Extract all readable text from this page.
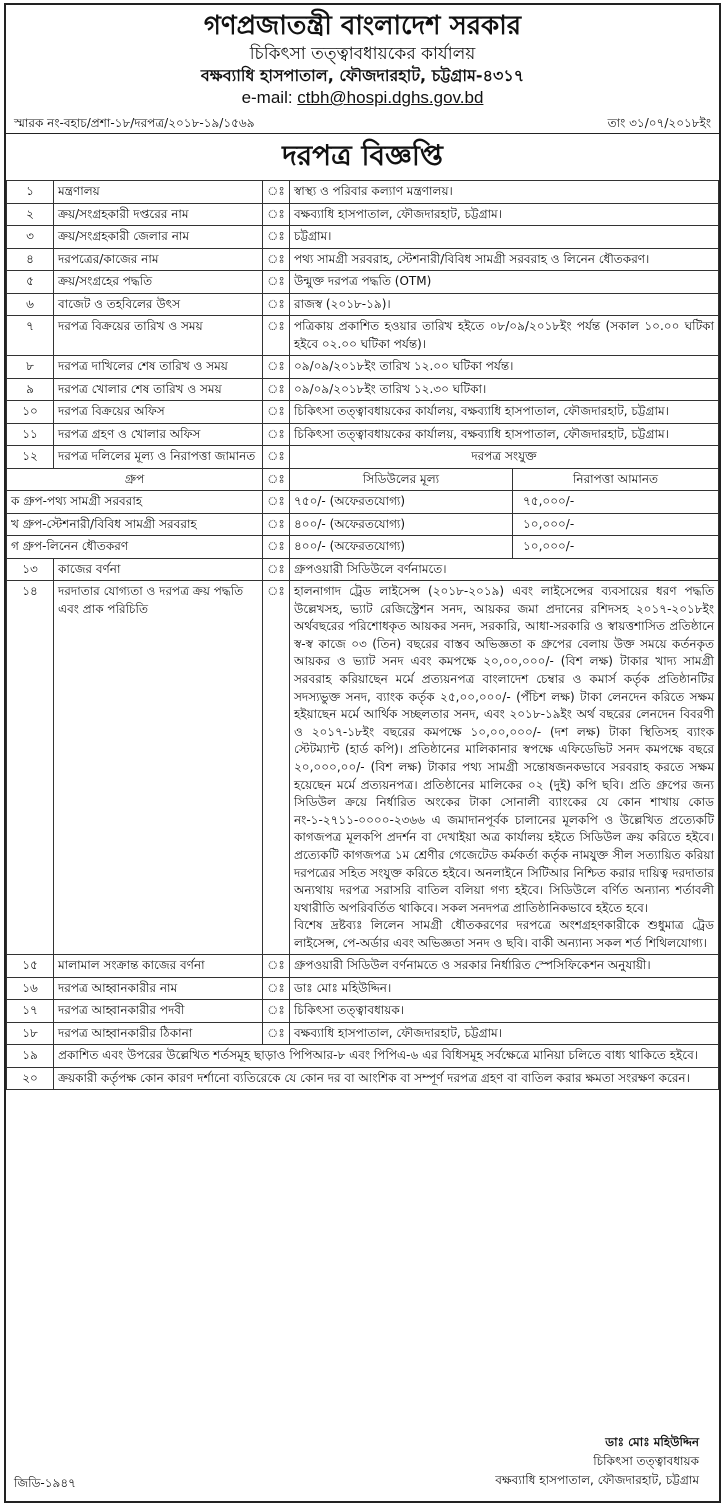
গণপ্রজাতন্ত্রী বাংলাদেশ সরকার
চিকিৎসা তত্ত্বাবধায়কের কার্যালয়
বক্ষব্যাধি হাসপাতাল, ফৌজদারহাট, চট্টগ্রাম-৪৩১৭
e-mail: ctbh@hospi.dghs.gov.bd
স্মারক নং-বহাচ/প্রশা-১৮/দরপত্র/২০১৮-১৯/১৫৬৯	তাং ৩১/০৭/২০১৮ইং
দরপত্র বিজ্ঞপ্তি
১	মন্ত্রণালয়	ঃ	স্বাস্থ্য ও পরিবার কল্যাণ মন্ত্রণালয়।
২	ক্রয়/সংগ্রহকারী দপ্তরের নাম	ঃ	বক্ষব্যাধি হাসপাতাল, ফৌজদারহাট, চট্টগ্রাম।
৩	ক্রয়/সংগ্রহকারী জেলার নাম	ঃ	চট্টগ্রাম।
৪	দরপত্রের/কাজের নাম	ঃ	পথ্য সামগ্রী সরবরাহ, স্টেশনারী/বিবিধ সামগ্রী সরবরাহ ও লিনেন ধৌতকরণ।
৫	ক্রয়/সংগ্রহের পদ্ধতি	ঃ	উন্মুক্ত দরপত্র পদ্ধতি (OTM)
৬	বাজেট ও তহবিলের উৎস	ঃ	রাজস্ব (২০১৮-১৯)।
৭	দরপত্র বিক্রয়ের তারিখ ও সময়	ঃ	পত্রিকায় প্রকাশিত হওয়ার তারিখ হইতে ০৮/০৯/২০১৮ইং পর্যন্ত (সকাল ১০.০০ ঘটিকা হইবে ০২.০০ ঘটিকা পর্যন্ত)।
৮	দরপত্র দাখিলের শেষ তারিখ ও সময়	ঃ	০৯/০৯/২০১৮ইং তারিখ ১২.০০ ঘটিকা পর্যন্ত।
৯	দরপত্র খোলার শেষ তারিখ ও সময়	ঃ	০৯/০৯/২০১৮ইং তারিখ ১২.৩০ ঘটিকা।
১০	দরপত্র বিক্রয়ের অফিস	ঃ	চিকিৎসা তত্ত্বাবধায়কের কার্যালয়, বক্ষব্যাধি হাসপাতাল, ফৌজদারহাট, চট্টগ্রাম।
১১	দরপত্র গ্রহণ ও খোলার অফিস	ঃ	চিকিৎসা তত্ত্বাবধায়কের কার্যালয়, বক্ষব্যাধি হাসপাতাল, ফৌজদারহাট, চট্টগ্রাম।
১২	দরপত্র দলিলের মূল্য ও নিরাপত্তা জামানত	ঃ	দরপত্র সংযুক্ত
গ্রুপ	ঃ		সিডিউলের মূল্য	নিরাপত্তা আমানত

ক গ্রুপ-পথ্য সামগ্রী সরবরাহ	ঃ	৭৫০/- (অফেরতযোগ্য)	৭৫,০০০/-

খ গ্রুপ-স্টেশনারী/বিবিধ সামগ্রী সরবরাহ	ঃ	৪০০/- (অফেরতযোগ্য)	১০,০০০/-

গ গ্রুপ-লিনেন ধৌতকরণ	ঃ	৪০০/- (অফেরতযোগ্য)	১০,০০০/-

১৩	কাজের বর্ণনা	ঃ	গ্রুপওয়ারী সিডিউলে বর্ণনামতে।
১৪	দরদাতার যোগ্যতা ও দরপত্র ক্রয় পদ্ধতি এবং প্রাক পরিচিতি	ঃ	হালনাগাদ ট্রেড লাইসেন্স (২০১৮-২০১৯) এবং লাইসেন্সের ব্যবসায়ের ধরণ পদ্ধতি উল্লেখসহ, ভ্যাট রেজিস্ট্রেশন সনদ, আয়কর জমা প্রদানের রশিদসহ ২০১৭-২০১৮ইং অর্থবছরের পরিশোধকৃত আয়কর সনদ, সরকারি, আধা-সরকারি ও স্বায়ত্তশাসিত প্রতিষ্ঠানে স্ব-স্ব কাজে ০৩ (তিন) বছরের বাস্তব অভিজ্ঞতা ক গ্রুপের বেলায় উক্ত সময়ে কর্তনকৃত আয়কর ও ভ্যাট সনদ এবং কমপক্ষে ২০,০০,০০০/- (বিশ লক্ষ) টাকার খাদ্য সামগ্রী সরবরাহ করিয়াছেন মর্মে প্রত্যয়নপত্র বাংলাদেশ চেম্বার ও কমার্স কর্তৃক প্রতিষ্ঠানটির সদস্যভুক্ত সনদ, ব্যাংক কর্তৃক ২৫,০০,০০০/- (পঁচিশ লক্ষ) টাকা লেনদেন করিতে সক্ষম হইয়াছেন মর্মে আর্থিক সচ্ছলতার সনদ, এবং ২০১৮-১৯ইং অর্থ বছরের লেনদেন বিবরণী ও ২০১৭-১৮ইং বছরের কমপক্ষে ১০,০০,০০০/- (দশ লক্ষ) টাকা স্থিতিসহ ব্যাংক স্টেটম্যান্ট (হার্ড কপি)। প্রতিষ্ঠানের মালিকানার স্বপক্ষে এফিডেভিট সনদ কমপক্ষে বছরে ২০,০০০,০০/- (বিশ লক্ষ) টাকার পথ্য সামগ্রী সন্তোষজনকভাবে সরবরাহ করতে সক্ষম হয়েছেন মর্মে প্রত্যয়নপত্র। প্রতিষ্ঠানের মালিকের ০২ (দুই) কপি ছবি। প্রতি গ্রুপের জন্য সিডিউল ক্রয়ে নির্ধারিত অংকের টাকা সোনালী ব্যাংকের যে কোন শাখায় কোড নং-১-২৭১১-০০০০-২৩৬৬ এ জমাদানপূর্বক চালানের মূলকপি ও উল্লেখিত প্রত্যেকটি কাগজপত্র মূলকপি প্রদর্শন বা দেখাইয়া অত্র কার্যালয় হইতে সিডিউল ক্রয় করিতে হইবে। প্রত্যেকটি কাগজপত্র ১ম শ্রেণীর গেজেটেড কর্মকর্তা কর্তৃক নামযুক্ত সীল সত্যায়িত করিয়া দরপত্রের সহিত সংযুক্ত করিতে হইবে। অনলাইনে সিটিআর নিশ্চিত করার দায়িত্ব দরদাতার অন্যথায় দরপত্র সরাসরি বাতিল বলিয়া গণ্য হইবে। সিডিউলে বর্ণিত অন্যান্য শর্তাবলী যথারীতি অপরিবর্তিত থাকিবে। সকল সনদপত্র প্রাতিষ্ঠানিকভাবে হইতে হবে।
বিশেষ দ্রষ্টব্যঃ লিলেন সামগ্রী ধৌতকরণের দরপত্রে অংশগ্রহণকারীকে শুধুমাত্র ট্রেড লাইসেন্স, পে-অর্ডার এবং অভিজ্ঞতা সনদ ও ছবি। বাকী অন্যান্য সকল শর্ত শিথিলযোগ্য।

১৫	মালামাল সংক্রান্ত কাজের বর্ণনা	ঃ	গ্রুপওয়ারী সিডিউল বর্ণনামতে ও সরকার নির্ধারিত স্পেসিফিকেশন অনুযায়ী।
১৬	দরপত্র আহ্বানকারীর নাম	ঃ	ডাঃ মোঃ মহিউদ্দিন।
১৭	দরপত্র আহ্বানকারীর পদবী	ঃ	চিকিৎসা তত্ত্বাবধায়ক।
১৮	দরপত্র আহ্বানকারীর ঠিকানা	ঃ	বক্ষব্যাধি হাসপাতাল, ফৌজদারহাট, চট্টগ্রাম।
১৯	প্রকাশিত এবং উপরের উল্লেখিত শর্তসমূহ ছাড়াও পিপিআর-৮ এবং পিপিএ-৬ এর বিধিসমূহ সর্বক্ষেত্রে মানিয়া চলিতে বাধ্য থাকিতে হইবে।
২০	ক্রয়কারী কর্তৃপক্ষ কোন কারণ দর্শানো ব্যতিরেকে যে কোন দর বা আংশিক বা সম্পূর্ণ দরপত্র গ্রহণ বা বাতিল করার ক্ষমতা সংরক্ষণ করেন।
ডাঃ মোঃ মহিউদ্দিন
চিকিৎসা তত্ত্বাবধায়ক
বক্ষব্যাধি হাসপাতাল, ফৌজদারহাট, চট্টগ্রাম
জিডি-১৯৪৭
